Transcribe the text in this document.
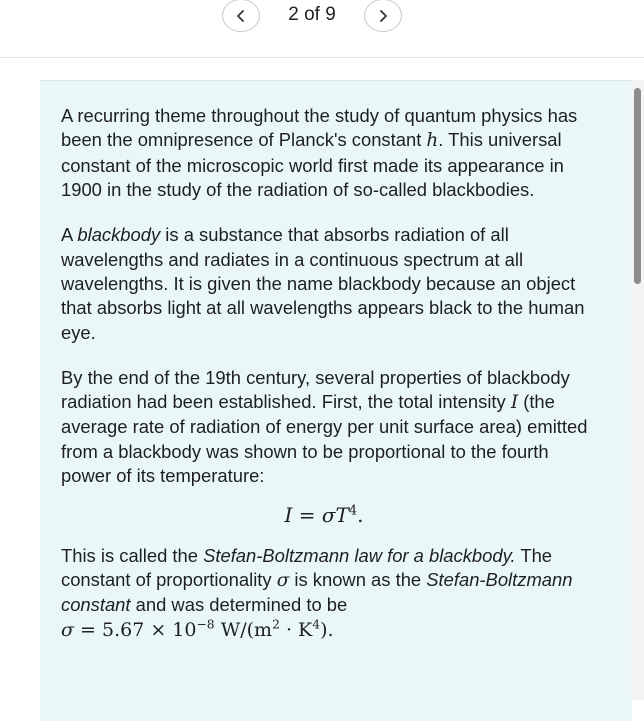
2 of 9

A recurring theme throughout the study of quantum physics has been the omnipresence of Planck's constant h. This universal constant of the microscopic world first made its appearance in 1900 in the study of the radiation of so-called blackbodies.

A blackbody is a substance that absorbs radiation of all wavelengths and radiates in a continuous spectrum at all wavelengths. It is given the name blackbody because an object that absorbs light at all wavelengths appears black to the human eye.

By the end of the 19th century, several properties of blackbody radiation had been established. First, the total intensity I (the average rate of radiation of energy per unit surface area) emitted from a blackbody was shown to be proportional to the fourth power of its temperature:

$I = \sigma T^4$.

This is called the Stefan-Boltzmann law for a blackbody. The constant of proportionality σ is known as the Stefan-Boltzmann constant and was determined to be
$\sigma = 5.67 \times 10^{-8}$ $W/(m^2 \cdot K^4)$.
